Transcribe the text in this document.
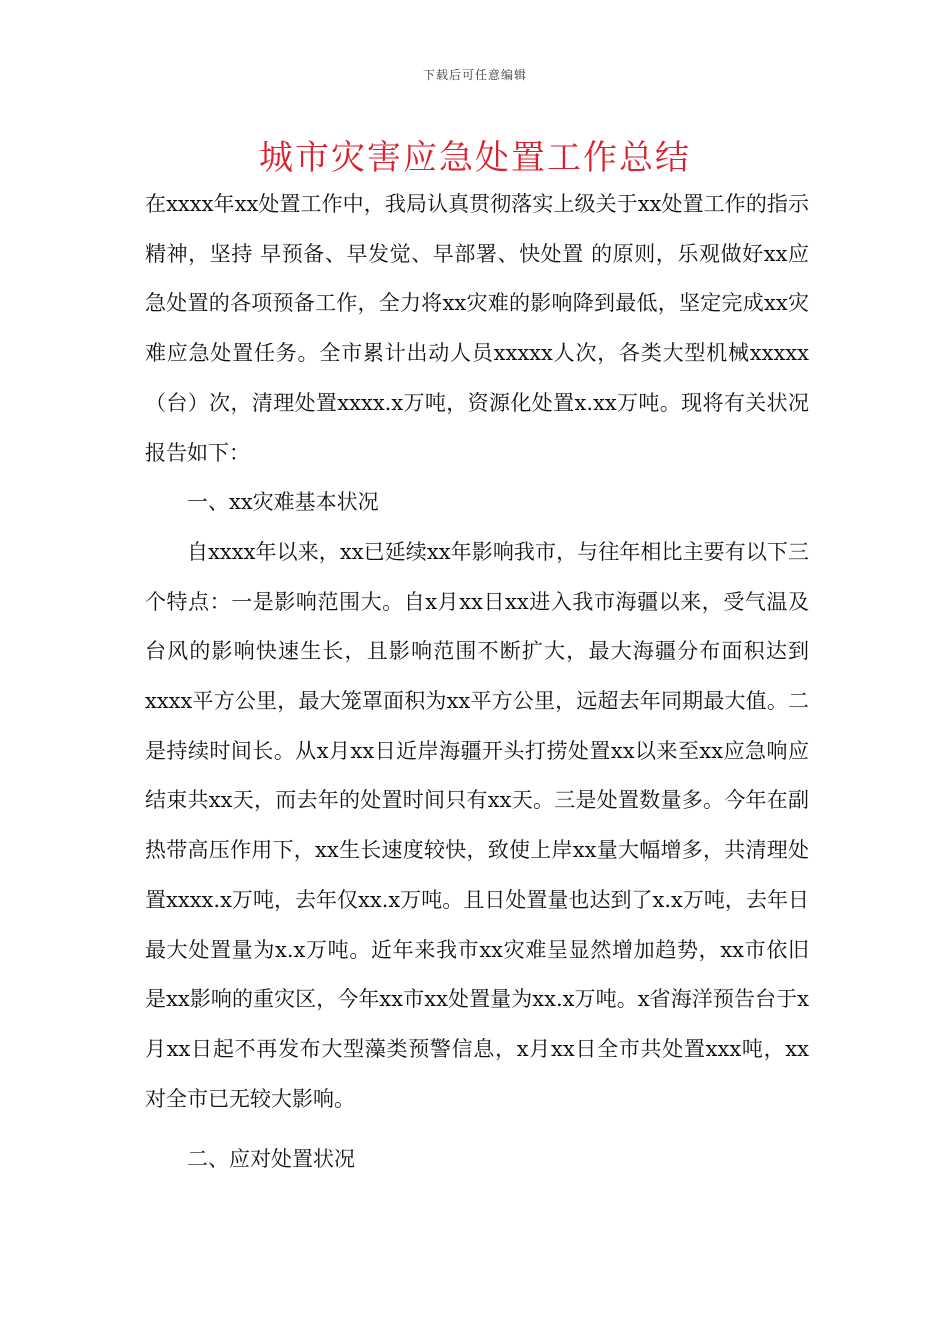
下载后可任意编辑
城市灾害应急处置工作总结

在xxxx年xx处置工作中，我局认真贯彻落实上级关于xx处置工作的指示精神，坚持 早预备、早发觉、早部署、快处置 的原则，乐观做好xx应急处置的各项预备工作，全力将xx灾难的影响降到最低，坚定完成xx灾难应急处置任务。全市累计出动人员xxxxx人次，各类大型机械xxxxx（台）次，清理处置xxxx.x万吨，资源化处置x.xx万吨。现将有关状况报告如下：

一、xx灾难基本状况

自xxxx年以来，xx已延续xx年影响我市，与往年相比主要有以下三个特点：一是影响范围大。自x月xx日xx进入我市海疆以来，受气温及台风的影响快速生长，且影响范围不断扩大，最大海疆分布面积达到xxxx平方公里，最大笼罩面积为xx平方公里，远超去年同期最大值。二是持续时间长。从x月xx日近岸海疆开头打捞处置xx以来至xx应急响应结束共xx天，而去年的处置时间只有xx天。三是处置数量多。今年在副热带高压作用下，xx生长速度较快，致使上岸xx量大幅增多，共清理处置xxxx.x万吨，去年仅xx.x万吨。且日处置量也达到了x.x万吨，去年日最大处置量为x.x万吨。近年来我市xx灾难呈显然增加趋势，xx市依旧是xx影响的重灾区，今年xx市xx处置量为xx.x万吨。x省海洋预告台于x月xx日起不再发布大型藻类预警信息，x月xx日全市共处置xxx吨，xx对全市已无较大影响。

二、应对处置状况
